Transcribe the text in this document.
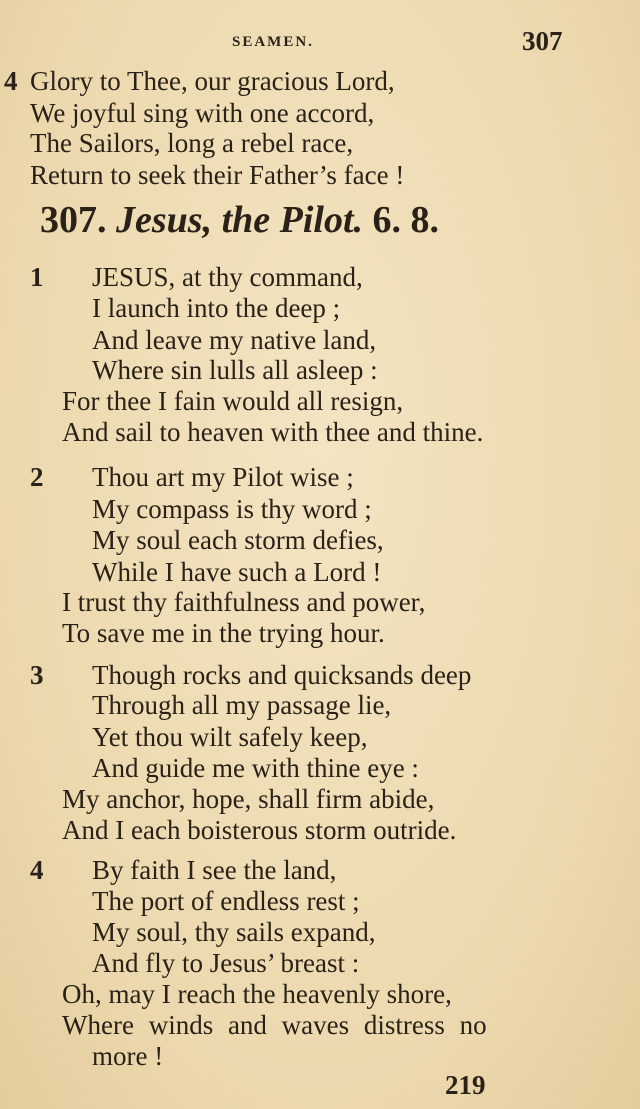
SEAMEN.	307
4 Glory to Thee, our gracious Lord,
We joyful sing with one accord,
The Sailors, long a rebel race,
Return to seek their Father’s face !
307. Jesus, the Pilot. 6. 8.
1 JESUS, at thy command,
I launch into the deep ;
And leave my native land,
Where sin lulls all asleep :
For thee I fain would all resign,
And sail to heaven with thee and thine.
2 Thou art my Pilot wise ;
My compass is thy word ;
My soul each storm defies,
While I have such a Lord !
I trust thy faithfulness and power,
To save me in the trying hour.
3 Though rocks and quicksands deep
Through all my passage lie,
Yet thou wilt safely keep,
And guide me with thine eye :
My anchor, hope, shall firm abide,
And I each boisterous storm outride.
4 By faith I see the land,
The port of endless rest ;
My soul, thy sails expand,
And fly to Jesus’ breast :
Oh, may I reach the heavenly shore,
Where winds and waves distress no
more !
219
